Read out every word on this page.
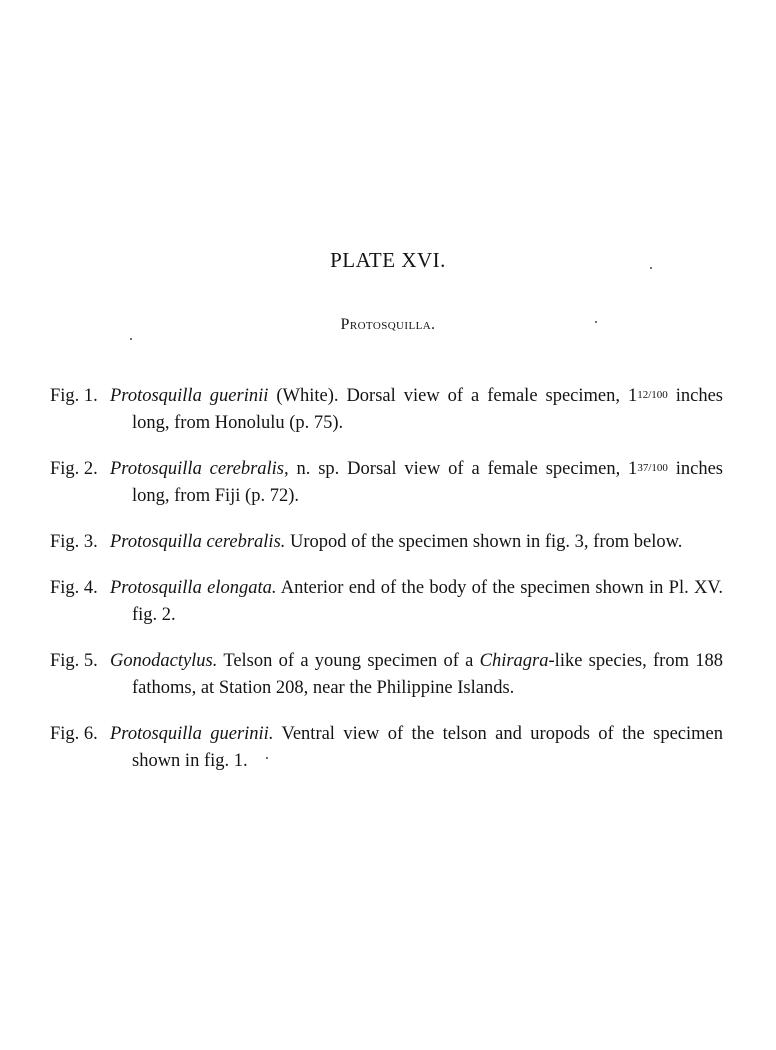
PLATE XVI.
Protosquilla.

Fig. 1. Protosquilla guerinii (White). Dorsal view of a female specimen, 112/100 inches long, from Honolulu (p. 75).

Fig. 2. Protosquilla cerebralis, n. sp. Dorsal view of a female specimen, 137/100 inches long, from Fiji (p. 72).

Fig. 3. Protosquilla cerebralis. Uropod of the specimen shown in fig. 3, from below.

Fig. 4. Protosquilla elongata. Anterior end of the body of the specimen shown in Pl. XV. fig. 2.

Fig. 5. Gonodactylus. Telson of a young specimen of a Chiragra-like species, from 188 fathoms, at Station 208, near the Philippine Islands.

Fig. 6. Protosquilla guerinii. Ventral view of the telson and uropods of the specimen shown in fig. 1.
